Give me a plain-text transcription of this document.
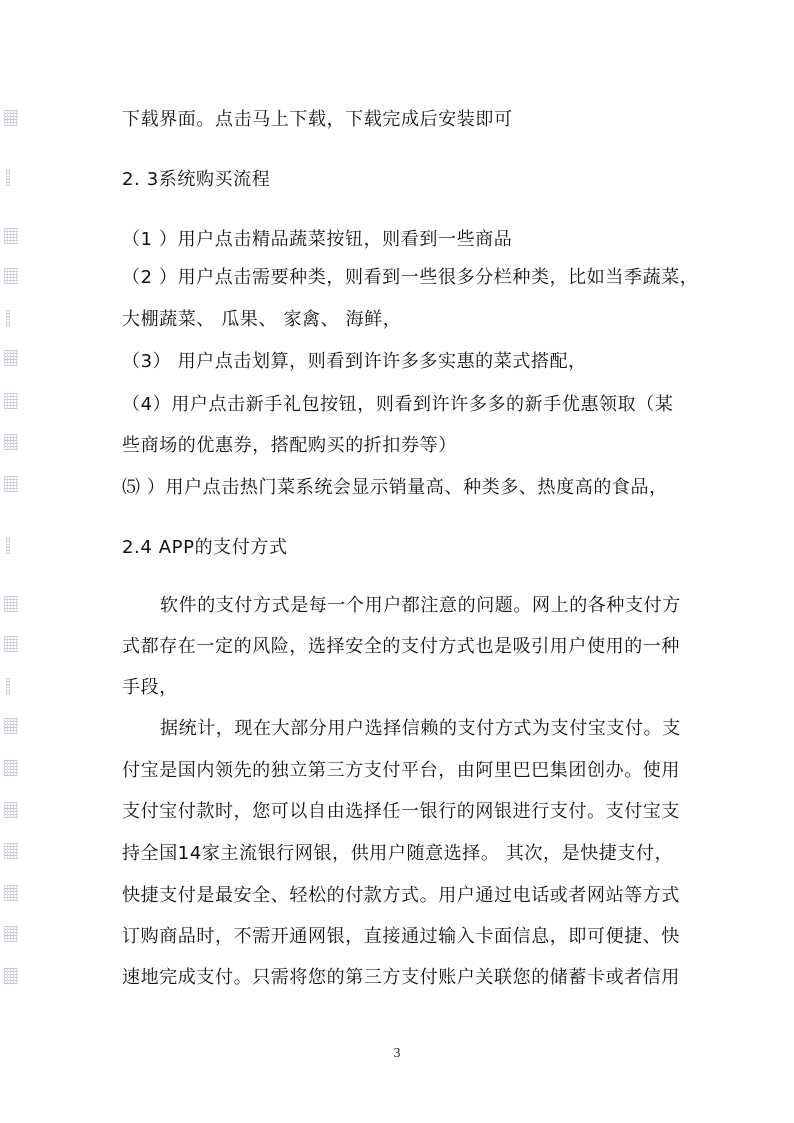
下载界面。点击马上下载，下载完成后安装即可
2. 3系统购买流程
（1 ）用户点击精品蔬菜按钮，则看到一些商品
（2 ）用户点击需要种类，则看到一些很多分栏种类，比如当季蔬菜，
大棚蔬菜、 瓜果、 家禽、 海鲜，
（3） 用户点击划算，则看到许许多多实惠的菜式搭配，
（4）用户点击新手礼包按钮，则看到许许多多的新手优惠领取（某
些商场的优惠券，搭配购买的折扣券等）
⑸ ）用户点击热门菜系统会显示销量高、种类多、热度高的食品，
2.4 APP的支付方式
软件的支付方式是每一个用户都注意的问题。网上的各种支付方
式都存在一定的风险，选择安全的支付方式也是吸引用户使用的一种
手段，
据统计，现在大部分用户选择信赖的支付方式为支付宝支付。支
付宝是国内领先的独立第三方支付平台，由阿里巴巴集团创办。使用
支付宝付款时，您可以自由选择任一银行的网银进行支付。支付宝支
持全国14家主流银行网银，供用户随意选择。 其次，是快捷支付，
快捷支付是最安全、轻松的付款方式。用户通过电话或者网站等方式
订购商品时，不需开通网银，直接通过输入卡面信息，即可便捷、快
速地完成支付。只需将您的第三方支付账户关联您的储蓄卡或者信用
3
